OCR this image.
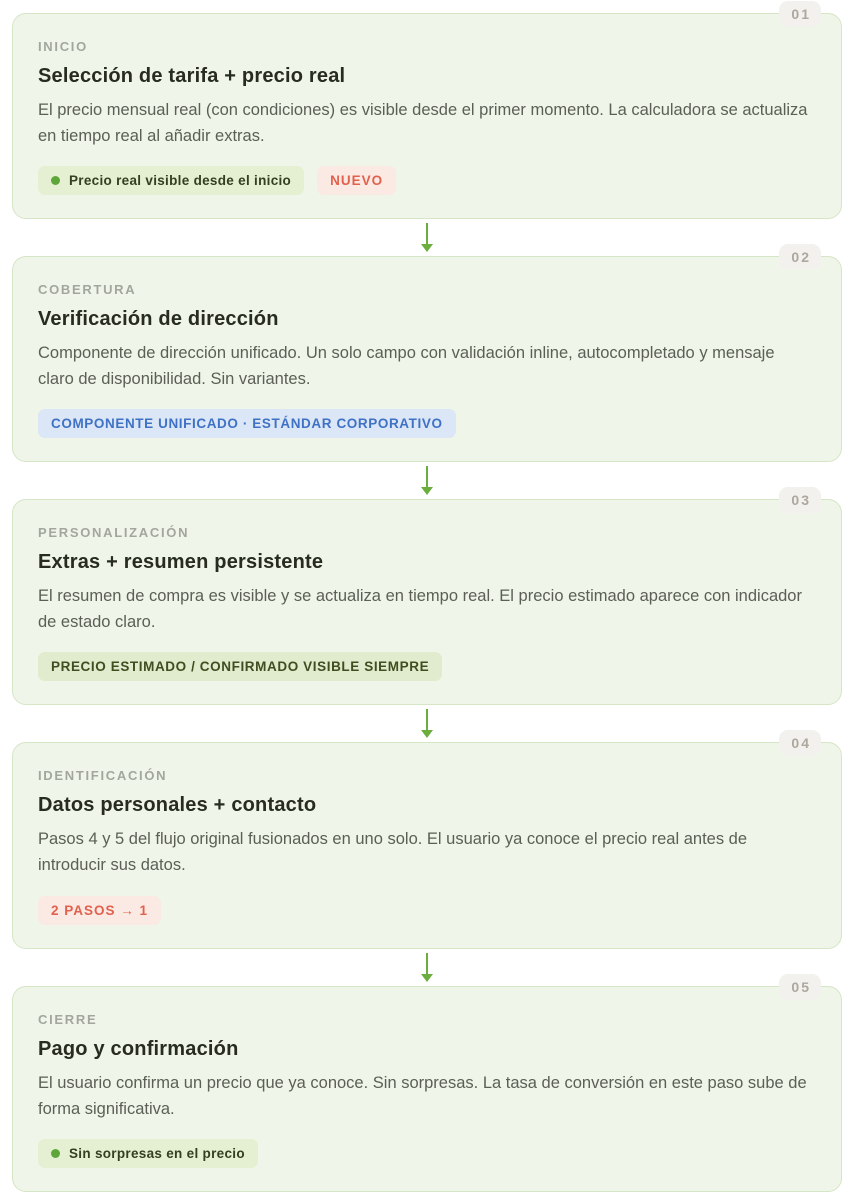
01
INICIO
Selección de tarifa + precio real

El precio mensual real (con condiciones) es visible desde el primer momento. La calculadora se actualiza en tiempo real al añadir extras.

Precio real visible desde el inicio	NUEVO
02
COBERTURA
Verificación de dirección

Componente de dirección unificado. Un solo campo con validación inline, autocompletado y mensaje claro de disponibilidad. Sin variantes.

COMPONENTE UNIFICADO · ESTÁNDAR CORPORATIVO
03
PERSONALIZACIÓN
Extras + resumen persistente

El resumen de compra es visible y se actualiza en tiempo real. El precio estimado aparece con indicador de estado claro.

PRECIO ESTIMADO / CONFIRMADO VISIBLE SIEMPRE
04
IDENTIFICACIÓN
Datos personales + contacto

Pasos 4 y 5 del flujo original fusionados en uno solo. El usuario ya conoce el precio real antes de introducir sus datos.

2 PASOS → 1
05
CIERRE
Pago y confirmación

El usuario confirma un precio que ya conoce. Sin sorpresas. La tasa de conversión en este paso sube de forma significativa.

Sin sorpresas en el precio
